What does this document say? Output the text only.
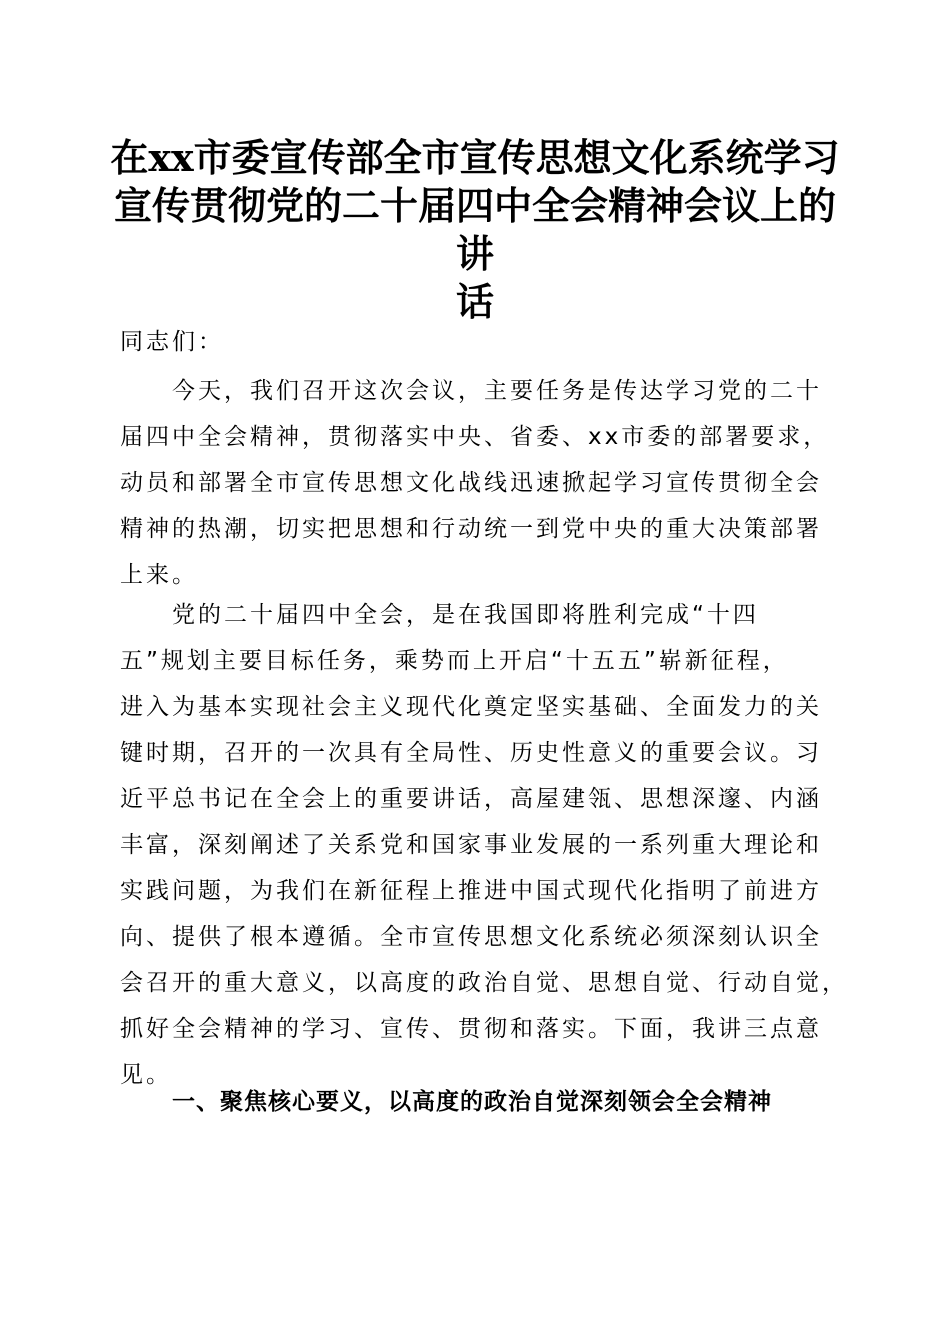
在xx市委宣传部全市宣传思想文化系统学习
宣传贯彻党的二十届四中全会精神会议上的讲
话

同志们：

今天，我们召开这次会议，主要任务是传达学习党的二十
届四中全会精神，贯彻落实中央、省委、xx市委的部署要求，
动员和部署全市宣传思想文化战线迅速掀起学习宣传贯彻全会
精神的热潮，切实把思想和行动统一到党中央的重大决策部署
上来。

党的二十届四中全会，是在我国即将胜利完成“十四
五”规划主要目标任务，乘势而上开启“十五五”崭新征程，
进入为基本实现社会主义现代化奠定坚实基础、全面发力的关
键时期，召开的一次具有全局性、历史性意义的重要会议。习
近平总书记在全会上的重要讲话，高屋建瓴、思想深邃、内涵
丰富，深刻阐述了关系党和国家事业发展的一系列重大理论和
实践问题，为我们在新征程上推进中国式现代化指明了前进方
向、提供了根本遵循。全市宣传思想文化系统必须深刻认识全
会召开的重大意义，以高度的政治自觉、思想自觉、行动自觉，
抓好全会精神的学习、宣传、贯彻和落实。下面，我讲三点意
见。

一、聚焦核心要义，以高度的政治自觉深刻领会全会精神
